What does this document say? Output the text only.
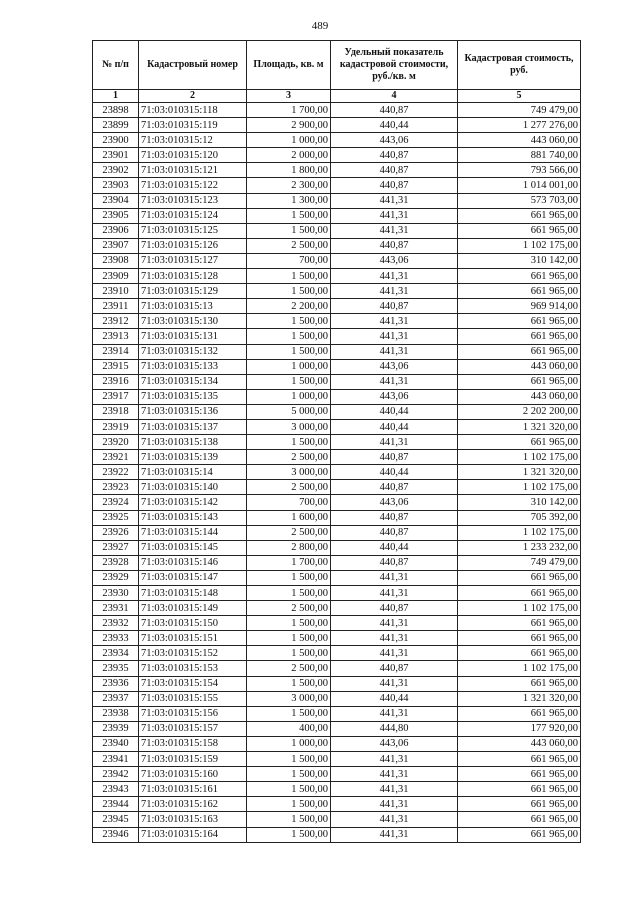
489
№ п/п	Кадастровый номер	Площадь, кв. м	Удельный показатель кадастровой стоимости, руб./кв. м	Кадастровая стоимость, руб.
1	2	3	4	5
23898	71:03:010315:118	1 700,00	440,87	749 479,00
23899	71:03:010315:119	2 900,00	440,44	1 277 276,00
23900	71:03:010315:12	1 000,00	443,06	443 060,00
23901	71:03:010315:120	2 000,00	440,87	881 740,00
23902	71:03:010315:121	1 800,00	440,87	793 566,00
23903	71:03:010315:122	2 300,00	440,87	1 014 001,00
23904	71:03:010315:123	1 300,00	441,31	573 703,00
23905	71:03:010315:124	1 500,00	441,31	661 965,00
23906	71:03:010315:125	1 500,00	441,31	661 965,00
23907	71:03:010315:126	2 500,00	440,87	1 102 175,00
23908	71:03:010315:127	700,00	443,06	310 142,00
23909	71:03:010315:128	1 500,00	441,31	661 965,00
23910	71:03:010315:129	1 500,00	441,31	661 965,00
23911	71:03:010315:13	2 200,00	440,87	969 914,00
23912	71:03:010315:130	1 500,00	441,31	661 965,00
23913	71:03:010315:131	1 500,00	441,31	661 965,00
23914	71:03:010315:132	1 500,00	441,31	661 965,00
23915	71:03:010315:133	1 000,00	443,06	443 060,00
23916	71:03:010315:134	1 500,00	441,31	661 965,00
23917	71:03:010315:135	1 000,00	443,06	443 060,00
23918	71:03:010315:136	5 000,00	440,44	2 202 200,00
23919	71:03:010315:137	3 000,00	440,44	1 321 320,00
23920	71:03:010315:138	1 500,00	441,31	661 965,00
23921	71:03:010315:139	2 500,00	440,87	1 102 175,00
23922	71:03:010315:14	3 000,00	440,44	1 321 320,00
23923	71:03:010315:140	2 500,00	440,87	1 102 175,00
23924	71:03:010315:142	700,00	443,06	310 142,00
23925	71:03:010315:143	1 600,00	440,87	705 392,00
23926	71:03:010315:144	2 500,00	440,87	1 102 175,00
23927	71:03:010315:145	2 800,00	440,44	1 233 232,00
23928	71:03:010315:146	1 700,00	440,87	749 479,00
23929	71:03:010315:147	1 500,00	441,31	661 965,00
23930	71:03:010315:148	1 500,00	441,31	661 965,00
23931	71:03:010315:149	2 500,00	440,87	1 102 175,00
23932	71:03:010315:150	1 500,00	441,31	661 965,00
23933	71:03:010315:151	1 500,00	441,31	661 965,00
23934	71:03:010315:152	1 500,00	441,31	661 965,00
23935	71:03:010315:153	2 500,00	440,87	1 102 175,00
23936	71:03:010315:154	1 500,00	441,31	661 965,00
23937	71:03:010315:155	3 000,00	440,44	1 321 320,00
23938	71:03:010315:156	1 500,00	441,31	661 965,00
23939	71:03:010315:157	400,00	444,80	177 920,00
23940	71:03:010315:158	1 000,00	443,06	443 060,00
23941	71:03:010315:159	1 500,00	441,31	661 965,00
23942	71:03:010315:160	1 500,00	441,31	661 965,00
23943	71:03:010315:161	1 500,00	441,31	661 965,00
23944	71:03:010315:162	1 500,00	441,31	661 965,00
23945	71:03:010315:163	1 500,00	441,31	661 965,00
23946	71:03:010315:164	1 500,00	441,31	661 965,00
